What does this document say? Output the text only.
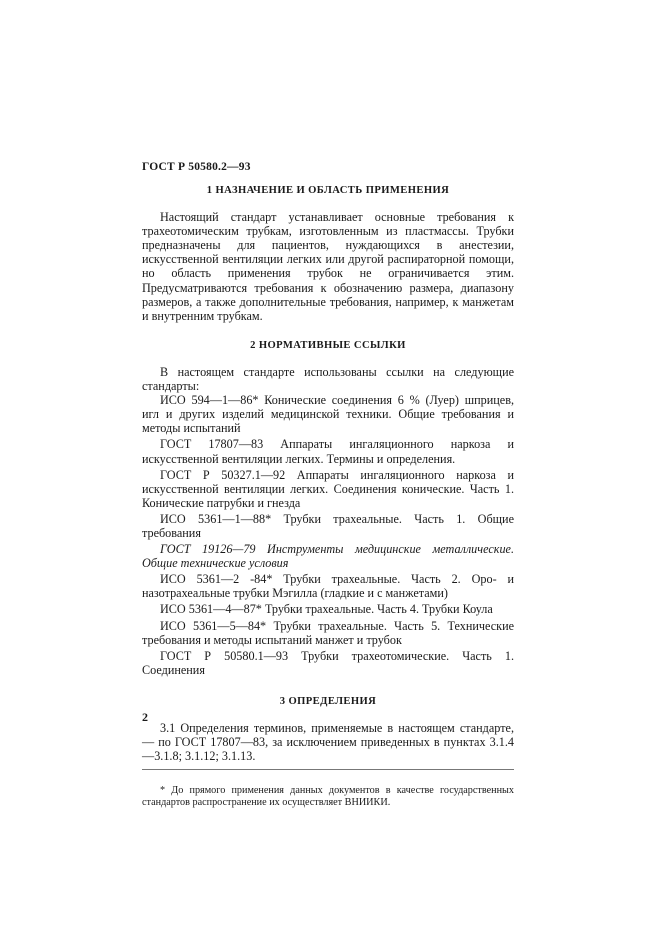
ГОСТ Р 50580.2—93
1 НАЗНАЧЕНИЕ И ОБЛАСТЬ ПРИМЕНЕНИЯ

Настоящий стандарт устанавливает основные требования к трахеотомическим трубкам, изготовленным из пластмассы. Трубки предназначены для пациентов, нуждающихся в анестезии, искусственной вентиляции легких или другой распираторной помощи, но область применения трубок не ограничивается этим. Предусматриваются требования к обозначению размера, диапазону размеров, а также дополнительные требования, например, к манжетам и внутренним трубкам.

2 НОРМАТИВНЫЕ ССЫЛКИ

В настоящем стандарте использованы ссылки на следующие стандарты:

ИСО 594—1—86* Конические соединения 6 % (Луер) шприцев, игл и других изделий медицинской техники. Общие требования и методы испытаний

ГОСТ 17807—83 Аппараты ингаляционного наркоза и искусственной вентиляции легких. Термины и определения.

ГОСТ Р 50327.1—92 Аппараты ингаляционного наркоза и искусственной вентиляции легких. Соединения конические. Часть 1. Конические патрубки и гнезда

ИСО 5361—1—88* Трубки трахеальные. Часть 1. Общие требования

ГОСТ 19126—79 Инструменты медицинские металлические. Общие технические условия

ИСО 5361—2 -84* Трубки трахеальные. Часть 2. Оро- и назотрахеальные трубки Мэгилла (гладкие и с манжетами)

ИСО 5361—4—87* Трубки трахеальные. Часть 4. Трубки Коула

ИСО 5361—5—84* Трубки трахеальные. Часть 5. Технические требования и методы испытаний манжет и трубок

ГОСТ Р 50580.1—93 Трубки трахеотомические. Часть 1. Соединения

3 ОПРЕДЕЛЕНИЯ

3.1 Определения терминов, применяемые в настоящем стандарте, — по ГОСТ 17807—83, за исключением приведенных в пунктах 3.1.4—3.1.8; 3.1.12; 3.1.13.

* До прямого применения данных документов в качестве государственных стандартов распространение их осуществляет ВНИИКИ.

2
